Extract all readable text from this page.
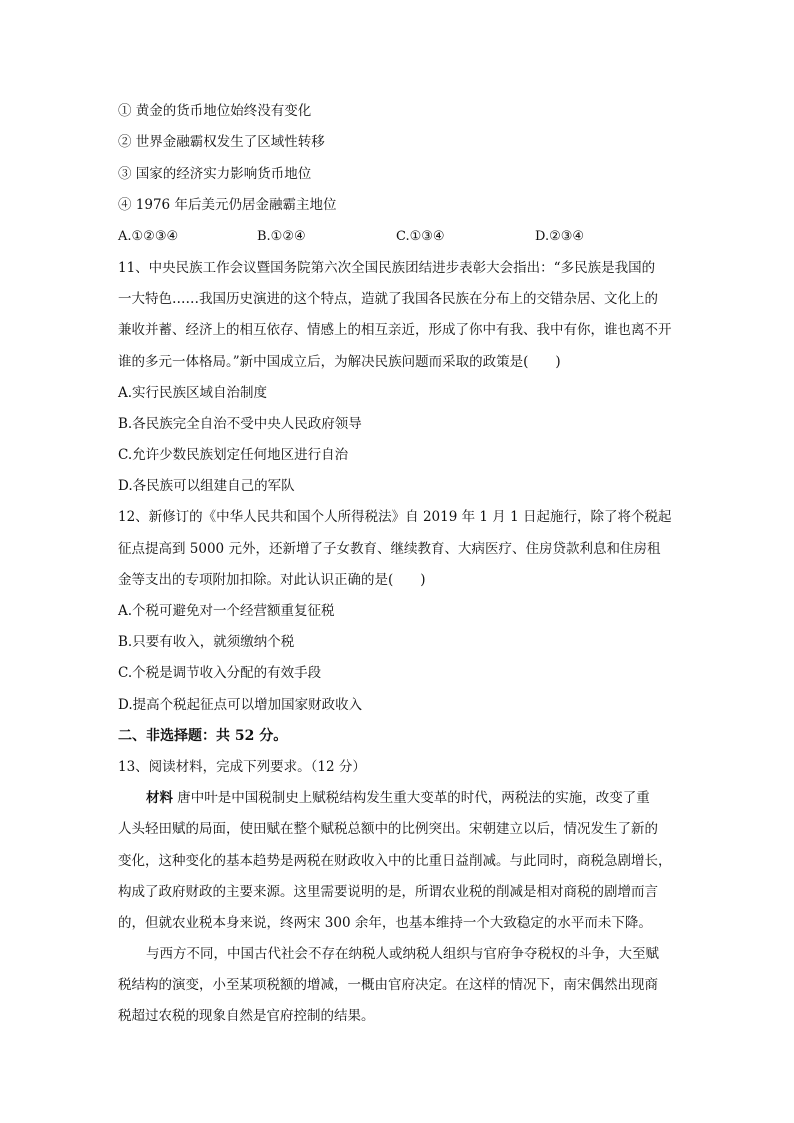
① 黄金的货币地位始终没有变化
② 世界金融霸权发生了区域性转移
③ 国家的经济实力影响货币地位
④ 1976 年后美元仍居金融霸主地位
A.①②③④	B.①②④	C.①③④	D.②③④
11、中央民族工作会议暨国务院第六次全国民族团结进步表彰大会指出：“多民族是我国的
一大特色……我国历史演进的这个特点，造就了我国各民族在分布上的交错杂居、文化上的
兼收并蓄、经济上的相互依存、情感上的相互亲近，形成了你中有我、我中有你，谁也离不开
谁的多元一体格局。”新中国成立后，为解决民族问题而采取的政策是(　　)
A.实行民族区域自治制度
B.各民族完全自治不受中央人民政府领导
C.允许少数民族划定任何地区进行自治
D.各民族可以组建自己的军队
12、新修订的《中华人民共和国个人所得税法》自 2019 年 1 月 1 日起施行，除了将个税起
征点提高到 5000 元外，还新增了子女教育、继续教育、大病医疗、住房贷款利息和住房租
金等支出的专项附加扣除。对此认识正确的是(　　)
A.个税可避免对一个经营额重复征税
B.只要有收入，就须缴纳个税
C.个税是调节收入分配的有效手段
D.提高个税起征点可以增加国家财政收入
二、非选择题：共 52 分。
13、阅读材料，完成下列要求。（12 分）
材料 唐中叶是中国税制史上赋税结构发生重大变革的时代，两税法的实施，改变了重
人头轻田赋的局面，使田赋在整个赋税总额中的比例突出。宋朝建立以后，情况发生了新的
变化，这种变化的基本趋势是两税在财政收入中的比重日益削减。与此同时，商税急剧增长，
构成了政府财政的主要来源。这里需要说明的是，所谓农业税的削减是相对商税的剧增而言
的，但就农业税本身来说，终两宋 300 余年，也基本维持一个大致稳定的水平而未下降。
与西方不同，中国古代社会不存在纳税人或纳税人组织与官府争夺税权的斗争，大至赋
税结构的演变，小至某项税额的增减，一概由官府决定。在这样的情况下，南宋偶然出现商
税超过农税的现象自然是官府控制的结果。
